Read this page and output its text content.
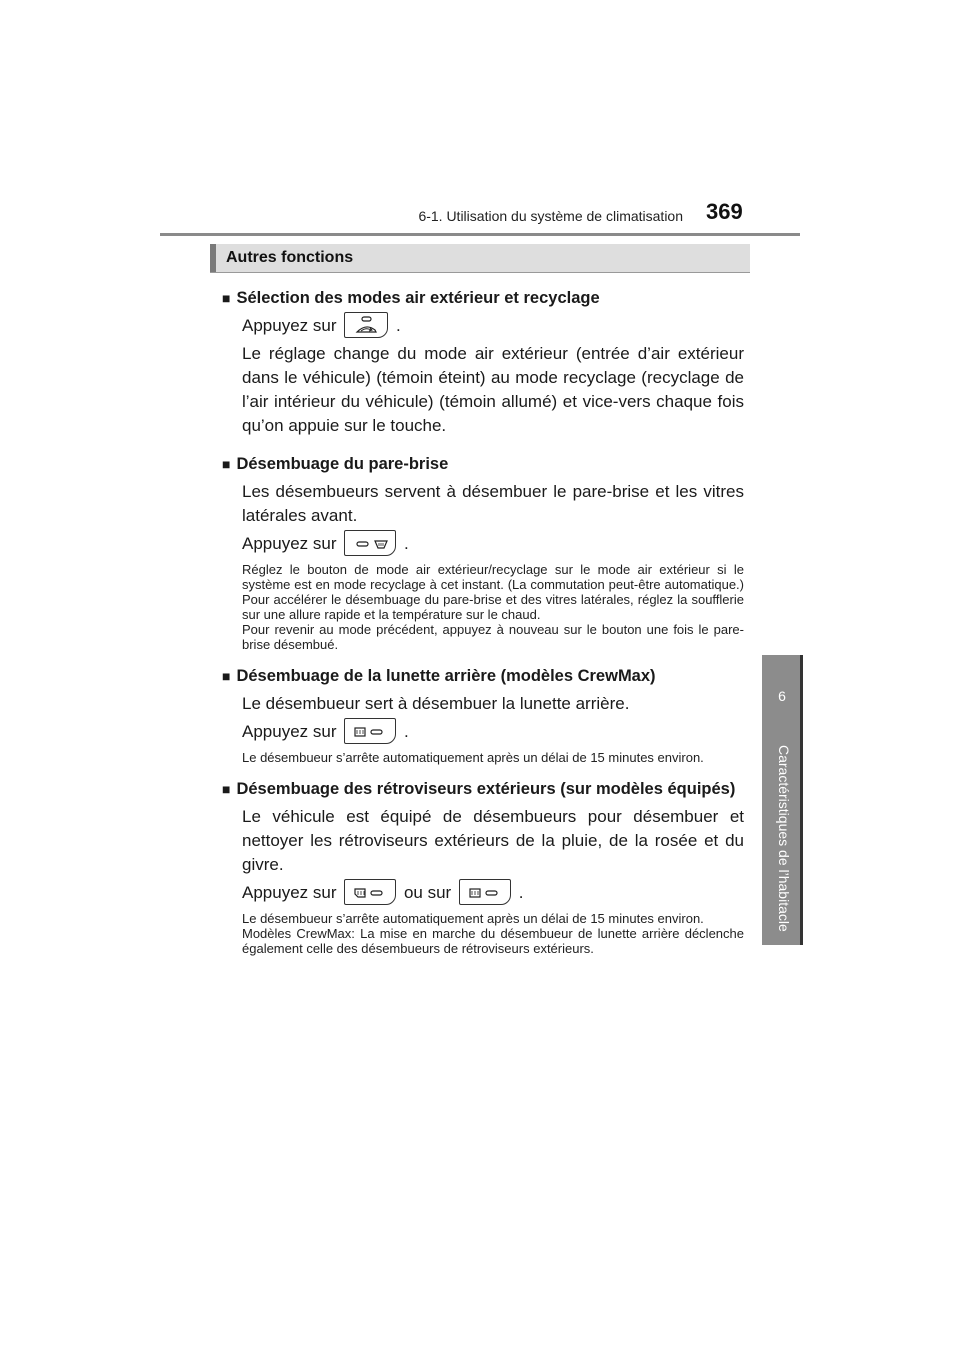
6-1. Utilisation du système de climatisation 369
6
Caractéristiques de l’habitacle
Autres fonctions
■ Sélection des modes air extérieur et recyclage
Appuyez sur	.
Le réglage change du mode air extérieur (entrée d’air extérieur dans le véhicule) (témoin éteint) au mode recyclage (recyclage de l’air intérieur du véhicule) (témoin allumé) et vice-vers chaque fois qu’on appuie sur le touche.
■ Désembuage du pare-brise
Les désembueurs servent à désembuer le pare-brise et les vitres latérales avant.
Appuyez sur	.
Réglez le bouton de mode air extérieur/recyclage sur le mode air extérieur si le système est en mode recyclage à cet instant. (La commutation peut-être automatique.) Pour accélérer le désembuage du pare-brise et des vitres latérales, réglez la soufflerie sur une allure rapide et la température sur le chaud.
Pour revenir au mode précédent, appuyez à nouveau sur le bouton une fois le pare-brise désembué.
■ Désembuage de la lunette arrière (modèles CrewMax)
Le désembueur sert à désembuer la lunette arrière.
Appuyez sur	.
Le désembueur s’arrête automatiquement après un délai de 15 minutes environ.
■ Désembuage des rétroviseurs extérieurs (sur modèles équipés)
Le véhicule est équipé de désembueurs pour désembuer et nettoyer les rétroviseurs extérieurs de la pluie, de la rosée et du givre.
Appuyez sur	ou sur	.
Le désembueur s’arrête automatiquement après un délai de 15 minutes environ.
Modèles CrewMax: La mise en marche du désembueur de lunette arrière déclenche également celle des désembueurs de rétroviseurs extérieurs.
